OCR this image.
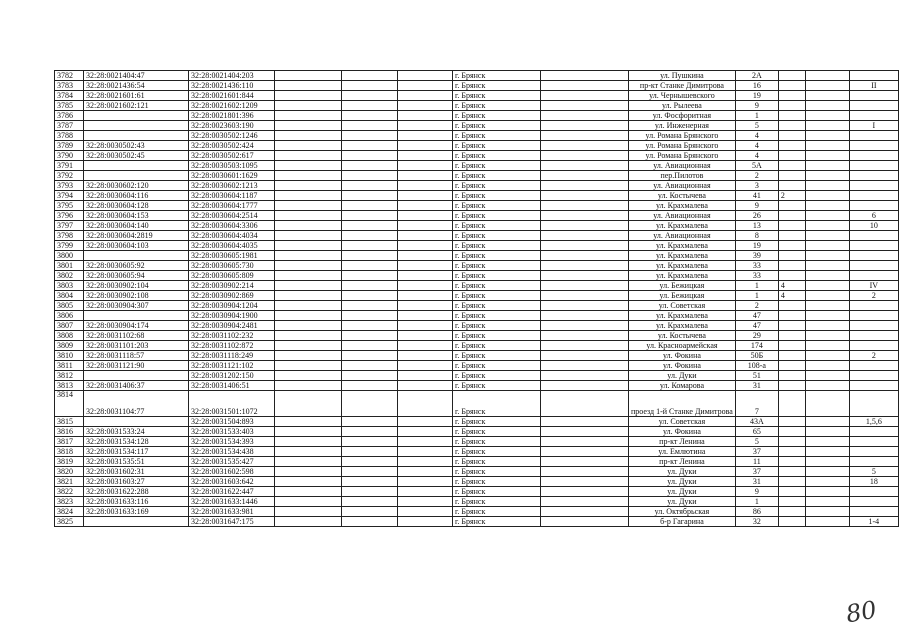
3782	32:28:0021404:47	32:28:0021404:203				г. Брянск		ул. Пушкина	2А			
3783	32:28:0021436:54	32:28:0021436:110				г. Брянск		пр-кт Станке Димитрова	16			II
3784	32:28:0021601:61	32:28:0021601:844				г. Брянск		ул. Чернышевского	19			
3785	32:28:0021602:121	32:28:0021602:1209				г. Брянск		ул. Рылеева	9			
3786		32:28:0021801:396				г. Брянск		ул. Фосфоритная	1			
3787		32:28:0023603:190				г. Брянск		ул. Инженерная	5			I
3788		32:28:0030502:1246				г. Брянск		ул. Романа Брянского	4			
3789	32:28:0030502:43	32:28:0030502:424				г. Брянск		ул. Романа Брянского	4			
3790	32:28:0030502:45	32:28:0030502:617				г. Брянск		ул. Романа Брянского	4			
3791		32:28:0030503:1095				г. Брянск		ул. Авиационная	5А			
3792		32:28:0030601:1629				г. Брянск		пер.Пилотов	2			
3793	32:28:0030602:120	32:28:0030602:1213				г. Брянск		ул. Авиационная	3			
3794	32:28:0030604:116	32:28:0030604:1187				г. Брянск		ул. Костычева	41	2		
3795	32:28:0030604:128	32:28:0030604:1777				г. Брянск		ул. Крахмалева	9			
3796	32:28:0030604:153	32:28:0030604:2514				г. Брянск		ул. Авиационная	26			6
3797	32:28:0030604:140	32:28:0030604:3306				г. Брянск		ул. Крахмалева	13			10
3798	32:28:0030604:2819	32:28:0030604:4034				г. Брянск		ул. Авиационная	8			
3799	32:28:0030604:103	32:28:0030604:4035				г. Брянск		ул. Крахмалева	19			
3800		32:28:0030605:1981				г. Брянск		ул. Крахмалева	39			
3801	32:28:0030605:92	32:28:0030605:730				г. Брянск		ул. Крахмалева	33			
3802	32:28:0030605:94	32:28:0030605:809				г. Брянск		ул. Крахмалева	33			
3803	32:28:0030902:104	32:28:0030902:214				г. Брянск		ул. Бежицкая	1	4		IV
3804	32:28:0030902:108	32:28:0030902:869				г. Брянск		ул. Бежицкая	1	4		2
3805	32:28:0030904:307	32:28:0030904:1204				г. Брянск		ул. Советская	2			
3806		32:28:0030904:1900				г. Брянск		ул. Крахмалева	47			
3807	32:28:0030904:174	32:28:0030904:2481				г. Брянск		ул. Крахмалева	47			
3808	32:28:0031102:68	32:28:0031102:232				г. Брянск		ул. Костычева	29			
3809	32:28:0031101:203	32:28:0031102:872				г. Брянск		ул. Красноармейская	174			
3810	32:28:0031118:57	32:28:0031118:249				г. Брянск		ул. Фокина	50Б			2
3811	32:28:0031121:90	32:28:0031121:102				г. Брянск		ул. Фокина	108-а			
3812		32:28:0031202:150				г. Брянск		ул. Дуки	51			
3813	32:28:0031406:37	32:28:0031406:51				г. Брянск		ул. Комарова	31			
3814	32:28:0031104:77	32:28:0031501:1072				г. Брянск		проезд 1-й Станке Димитрова	7			
3815		32:28:0031504:893				г. Брянск		ул. Советская	43А			1,5,6
3816	32:28:0031533:24	32:28:0031533:403				г. Брянск		ул. Фокина	65			
3817	32:28:0031534:128	32:28:0031534:393				г. Брянск		пр-кт Ленина	5			
3818	32:28:0031534:117	32:28:0031534:438				г. Брянск		ул. Емлютина	37			
3819	32:28:0031535:51	32:28:0031535:427				г. Брянск		пр-кт Ленина	11			
3820	32:28:0031602:31	32:28:0031602:598				г. Брянск		ул. Дуки	37			5
3821	32:28:0031603:27	32:28:0031603:642				г. Брянск		ул. Дуки	31			18
3822	32:28:0031622:288	32:28:0031622:447				г. Брянск		ул. Дуки	9			
3823	32:28:0031633:116	32:28:0031633:1446				г. Брянск		ул. Дуки	1			
3824	32:28:0031633:169	32:28:0031633:981				г. Брянск		ул. Октябрьская	86			
3825		32:28:0031647:175				г. Брянск		б-р Гагарина	32			1-4
80
